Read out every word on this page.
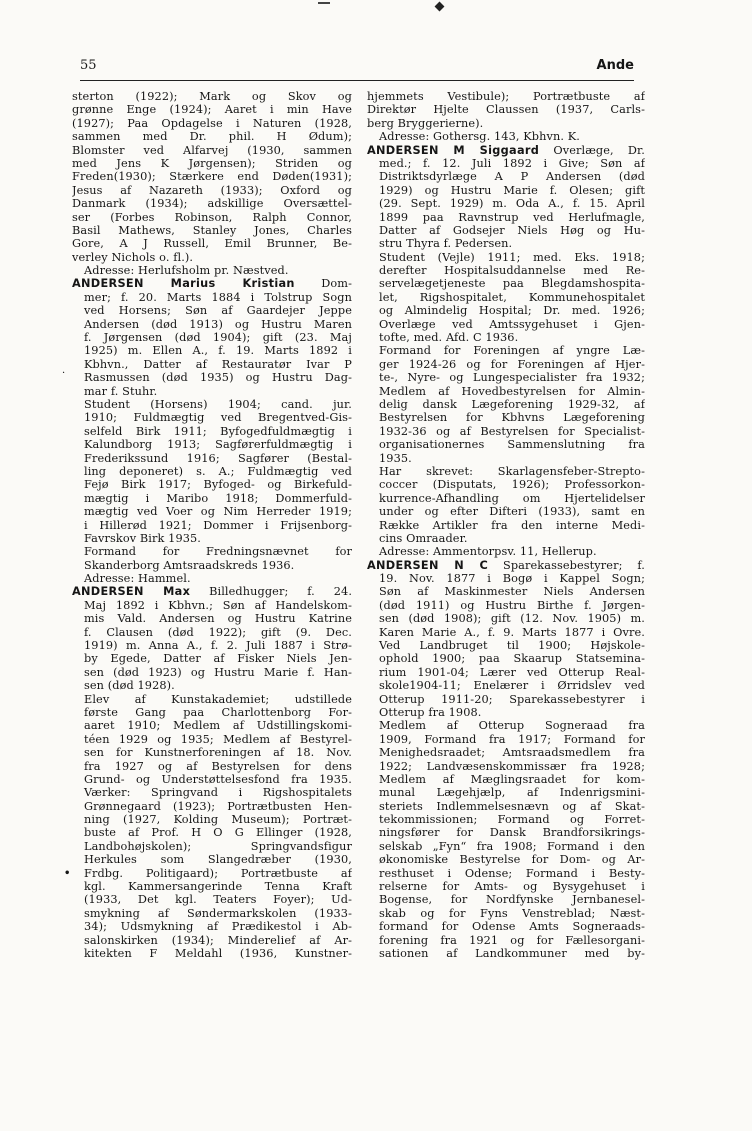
55	Ande
sterton (1922); Mark og Skov og
grønne Enge (1924); Aaret i min Have
(1927); Paa Opdagelse i Naturen (1928,
sammen med Dr. phil. H Ødum);
Blomster ved Alfarvej (1930, sammen
med Jens K Jørgensen); Striden og
Freden(1930); Stærkere end Døden(1931);
Jesus af Nazareth (1933); Oxford og
Danmark (1934); adskillige Oversættel-
ser (Forbes Robinson, Ralph Connor,
Basil Mathews, Stanley Jones, Charles
Gore, A J Russell, Emil Brunner, Be-
verley Nichols o. fl.).
Adresse: Herlufsholm pr. Næstved.
ANDERSEN Marius Kristian Dom-
mer; f. 20. Marts 1884 i Tolstrup Sogn
ved Horsens; Søn af Gaardejer Jeppe
Andersen (død 1913) og Hustru Maren
f. Jørgensen (død 1904); gift (23. Maj
1925) m. Ellen A., f. 19. Marts 1892 i
Kbhvn., Datter af Restauratør Ivar P
Rasmussen (død 1935) og Hustru Dag-
mar f. Stuhr.
Student (Horsens) 1904; cand. jur.
1910; Fuldmægtig ved Bregentved-Gis-
selfeld Birk 1911; Byfogedfuldmægtig i
Kalundborg 1913; Sagførerfuldmægtig i
Frederikssund 1916; Sagfører (Bestal-
ling deponeret) s. A.; Fuldmægtig ved
Fejø Birk 1917; Byfoged- og Birkefuld-
mægtig i Maribo 1918; Dommerfuld-
mægtig ved Voer og Nim Herreder 1919;
i Hillerød 1921; Dommer i Frijsenborg-
Favrskov Birk 1935.
Formand for Fredningsnævnet for
Skanderborg Amtsraadskreds 1936.
Adresse: Hammel.
ANDERSEN Max Billedhugger; f. 24.
Maj 1892 i Kbhvn.; Søn af Handelskom-
mis Vald. Andersen og Hustru Katrine
f. Clausen (død 1922); gift (9. Dec.
1919) m. Anna A., f. 2. Juli 1887 i Strø-
by Egede, Datter af Fisker Niels Jen-
sen (død 1923) og Hustru Marie f. Han-
sen (død 1928).
Elev af Kunstakademiet; udstillede
første Gang paa Charlottenborg For-
aaret 1910; Medlem af Udstillingskomi-
téen 1929 og 1935; Medlem af Bestyrel-
sen for Kunstnerforeningen af 18. Nov.
fra 1927 og af Bestyrelsen for dens
Grund- og Understøttelsesfond fra 1935.
Værker: Springvand i Rigshospitalets
Grønnegaard (1923); Portrætbusten Hen-
ning (1927, Kolding Museum); Portræt-
buste af Prof. H O G Ellinger (1928,
Landbohøjskolen); Springvandsfigur
Herkules som Slangedræber (1930,
Frdbg. Politigaard); Portrætbuste af
kgl. Kammersangerinde Tenna Kraft
(1933, Det kgl. Teaters Foyer); Ud-
smykning af Søndermarkskolen (1933-
34); Udsmykning af Prædikestol i Ab-
salonskirken (1934); Minderelief af Ar-
kitekten F Meldahl (1936, Kunstner-
hjemmets Vestibule); Portrætbuste af
Direktør Hjelte Claussen (1937, Carls-
berg Bryggerierne).
Adresse: Gothersg. 143, Kbhvn. K.
ANDERSEN M Siggaard Overlæge, Dr.
med.; f. 12. Juli 1892 i Give; Søn af
Distriktsdyrlæge A P Andersen (død
1929) og Hustru Marie f. Olesen; gift
(29. Sept. 1929) m. Oda A., f. 15. April
1899 paa Ravnstrup ved Herlufmagle,
Datter af Godsejer Niels Høg og Hu-
stru Thyra f. Pedersen.
Student (Vejle) 1911; med. Eks. 1918;
derefter Hospitalsuddannelse med Re-
servelægetjeneste paa Blegdamshospita-
let, Rigshospitalet, Kommunehospitalet
og Almindelig Hospital; Dr. med. 1926;
Overlæge ved Amtssygehuset i Gjen-
tofte, med. Afd. C 1936.
Formand for Foreningen af yngre Læ-
ger 1924-26 og for Foreningen af Hjer-
te-, Nyre- og Lungespecialister fra 1932;
Medlem af Hovedbestyrelsen for Almin-
delig dansk Lægeforening 1929-32, af
Bestyrelsen for Kbhvns Lægeforening
1932-36 og af Bestyrelsen for Specialist-
organisationernes Sammenslutning fra
1935.
Har skrevet: Skarlagensfeber-Strepto-
coccer (Disputats, 1926); Professorkon-
kurrence-Afhandling om Hjertelidelser
under og efter Difteri (1933), samt en
Række Artikler fra den interne Medi-
cins Omraader.
Adresse: Ammentorpsv. 11, Hellerup.
ANDERSEN N C Sparekassebestyrer; f.
19. Nov. 1877 i Bogø i Kappel Sogn;
Søn af Maskinmester Niels Andersen
(død 1911) og Hustru Birthe f. Jørgen-
sen (død 1908); gift (12. Nov. 1905) m.
Karen Marie A., f. 9. Marts 1877 i Ovre.
Ved Landbruget til 1900; Højskole-
ophold 1900; paa Skaarup Statsemina-
rium 1901-04; Lærer ved Otterup Real-
skole1904-11; Enelærer i Ørridslev ved
Otterup 1911-20; Sparekassebestyrer i
Otterup fra 1908.
Medlem af Otterup Sogneraad fra
1909, Formand fra 1917; Formand for
Menighedsraadet; Amtsraadsmedlem fra
1922; Landvæsenskommissær fra 1928;
Medlem af Mæglingsraadet for kom-
munal Lægehjælp, af Indenrigsmini-
steriets Indlemmelsesnævn og af Skat-
tekommissionen; Formand og Forret-
ningsfører for Dansk Brandforsikrings-
selskab „Fyn“ fra 1908; Formand i den
økonomiske Bestyrelse for Dom- og Ar-
resthuset i Odense; Formand i Besty-
relserne for Amts- og Bysygehuset i
Bogense, for Nordfynske Jernbanesel-
skab og for Fyns Venstreblad; Næst-
formand for Odense Amts Sogneraads-
forening fra 1921 og for Fællesorgani-
sationen af Landkommuner med by-
·
•
